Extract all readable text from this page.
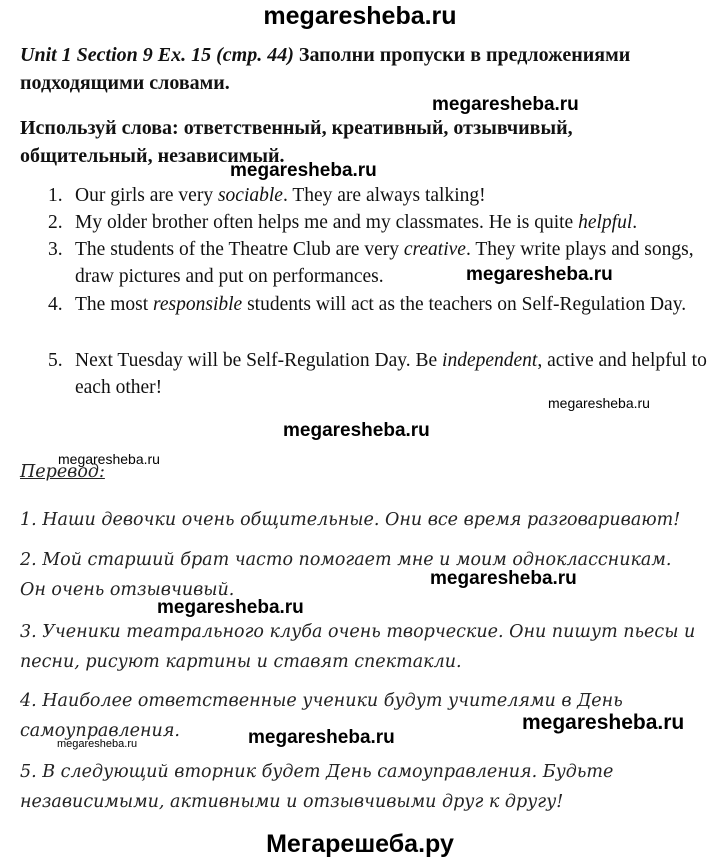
megaresheba.ru
Unit 1 Section 9 Ex. 15 (стр. 44) Заполни пропуски в предложениями
подходящими словами.
megaresheba.ru
Используй слова: ответственный, креативный, отзывчивый,
общительный, независимый.
megaresheba.ru
1. Our girls are very sociable. They are always talking!
2. My older brother often helps me and my classmates. He is quite helpful.
3. The students of the Theatre Club are very creative. They write plays and songs, draw pictures and put on performances.	megaresheba.ru
4. The most responsible students will act as the teachers on Self-Regulation Day.
5. Next Tuesday will be Self-Regulation Day. Be independent, active and helpful to each other!
megaresheba.ru
megaresheba.ru
megaresheba.ru
Перевод:
1. Наши девочки очень общительные. Они все время разговаривают!
2. Мой старший брат часто помогает мне и моим одноклассникам. Он очень отзывчивый.
megaresheba.ru
megaresheba.ru
3. Ученики театрального клуба очень творческие. Они пишут пьесы и песни, рисуют картины и ставят спектакли.
4. Наиболее ответственные ученики будут учителями в День самоуправления.	megaresheba.ru
megaresheba.ru
megaresheba.ru
5. В следующий вторник будет День самоуправления. Будьте независимыми, активными и отзывчивыми друг к другу!
Мегарешеба.ру
